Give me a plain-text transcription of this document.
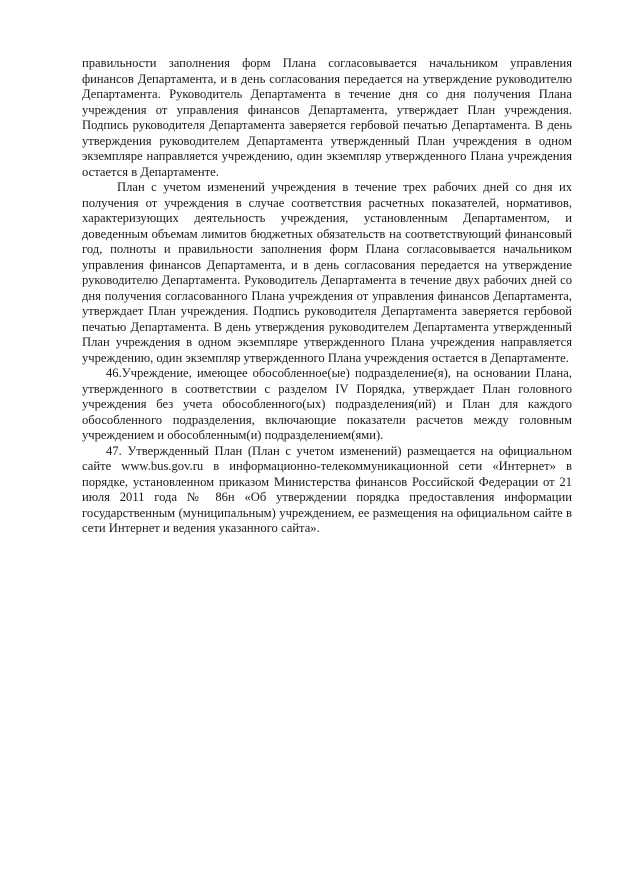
правильности заполнения форм Плана согласовывается начальником управления финансов Департамента, и в день согласования передается на утверждение руководителю Департамента. Руководитель Департамента в течение дня со дня получения Плана учреждения от управления финансов Департамента, утверждает План учреждения. Подпись руководителя Департамента заверяется гербовой печатью Департамента. В день утверждения руководителем Департамента утвержденный План учреждения в одном экземпляре направляется учреждению, один экземпляр утвержденного Плана учреждения остается в Департаменте.

План с учетом изменений учреждения в течение трех рабочих дней со дня их получения от учреждения в случае соответствия расчетных показателей, нормативов, характеризующих деятельность учреждения, установленным Департаментом, и доведенным объемам лимитов бюджетных обязательств на соответствующий финансовый год, полноты и правильности заполнения форм Плана согласовывается начальником управления финансов Департамента, и в день согласования передается на утверждение руководителю Департамента. Руководитель Департамента в течение двух рабочих дней со дня получения согласованного Плана учреждения от управления финансов Департамента, утверждает План учреждения. Подпись руководителя Департамента заверяется гербовой печатью Департамента. В день утверждения руководителем Департамента утвержденный План учреждения в одном экземпляре утвержденного Плана учреждения направляется учреждению, один экземпляр утвержденного Плана учреждения остается в Департаменте.

46.Учреждение, имеющее обособленное(ые) подразделение(я), на основании Плана, утвержденного в соответствии с разделом IV Порядка, утверждает План головного учреждения без учета обособленного(ых) подразделения(ий) и План для каждого обособленного подразделения, включающие показатели расчетов между головным учреждением и обособленным(и) подразделением(ями).

47. Утвержденный План (План с учетом изменений) размещается на официальном сайте www.bus.gov.ru в информационно-телекоммуникационной сети «Интернет» в порядке, установленном приказом Министерства финансов Российской Федерации от 21 июля 2011 года № 86н «Об утверждении порядка предоставления информации государственным (муниципальным) учреждением, ее размещения на официальном сайте в сети Интернет и ведения указанного сайта».
